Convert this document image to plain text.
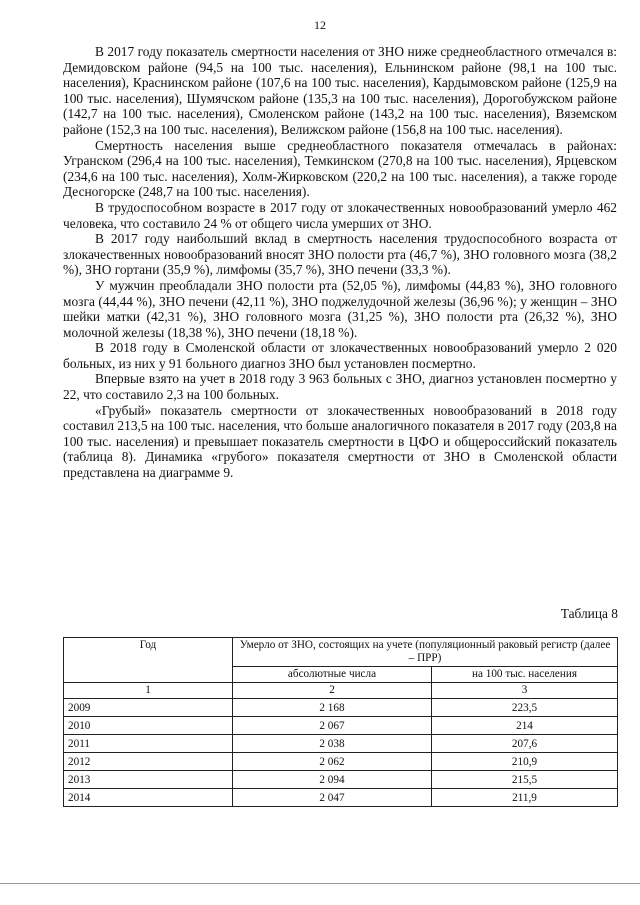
12

В 2017 году показатель смертности населения от ЗНО ниже среднеобластного отмечался в: Демидовском районе (94,5 на 100 тыс. населения), Ельнинском районе (98,1 на 100 тыс. населения), Краснинском районе (107,6 на 100 тыс. населения), Кардымовском районе (125,9 на 100 тыс. населения), Шумячском районе (135,3 на 100 тыс. населения), Дорогобужском районе (142,7 на 100 тыс. населения), Смоленском районе (143,2 на 100 тыс. населения), Вяземском районе (152,3 на 100 тыс. населения), Велижском районе (156,8 на 100 тыс. населения).

Смертность населения выше среднеобластного показателя отмечалась в районах: Угранском (296,4 на 100 тыс. населения), Темкинском (270,8 на 100 тыс. населения), Ярцевском (234,6 на 100 тыс. населения), Холм-Жирковском (220,2 на 100 тыс. населения), а также городе Десногорске (248,7 на 100 тыс. населения).

В трудоспособном возрасте в 2017 году от злокачественных новообразований умерло 462 человека, что составило 24 % от общего числа умерших от ЗНО.

В 2017 году наибольший вклад в смертность населения трудоспособного возраста от злокачественных новообразований вносят ЗНО полости рта (46,7 %), ЗНО головного мозга (38,2 %), ЗНО гортани (35,9 %), лимфомы (35,7 %), ЗНО печени (33,3 %).

У мужчин преобладали ЗНО полости рта (52,05 %), лимфомы (44,83 %), ЗНО головного мозга (44,44 %), ЗНО печени (42,11 %), ЗНО поджелудочной железы (36,96 %); у женщин – ЗНО шейки матки (42,31 %), ЗНО головного мозга (31,25 %), ЗНО полости рта (26,32 %), ЗНО молочной железы (18,38 %), ЗНО печени (18,18 %).

В 2018 году в Смоленской области от злокачественных новообразований умерло 2 020 больных, из них у 91 больного диагноз ЗНО был установлен посмертно.

Впервые взято на учет в 2018 году 3 963 больных с ЗНО, диагноз установлен посмертно у 22, что составило 2,3 на 100 больных.

«Грубый» показатель смертности от злокачественных новообразований в 2018 году составил 213,5 на 100 тыс. населения, что больше аналогичного показателя в 2017 году (203,8 на 100 тыс. населения) и превышает показатель смертности в ЦФО и общероссийский показатель (таблица 8). Динамика «грубого» показателя смертности от ЗНО в Смоленской области представлена на диаграмме 9.

Таблица 8
Год	Умерло от ЗНО, состоящих на учете (популяционный раковый регистр (далее – ПРР)	
	абсолютные числа	на 100 тыс. населения
1	2	3
2009	2 168	223,5
2010	2 067	214
2011	2 038	207,6
2012	2 062	210,9
2013	2 094	215,5
2014	2 047	211,9
